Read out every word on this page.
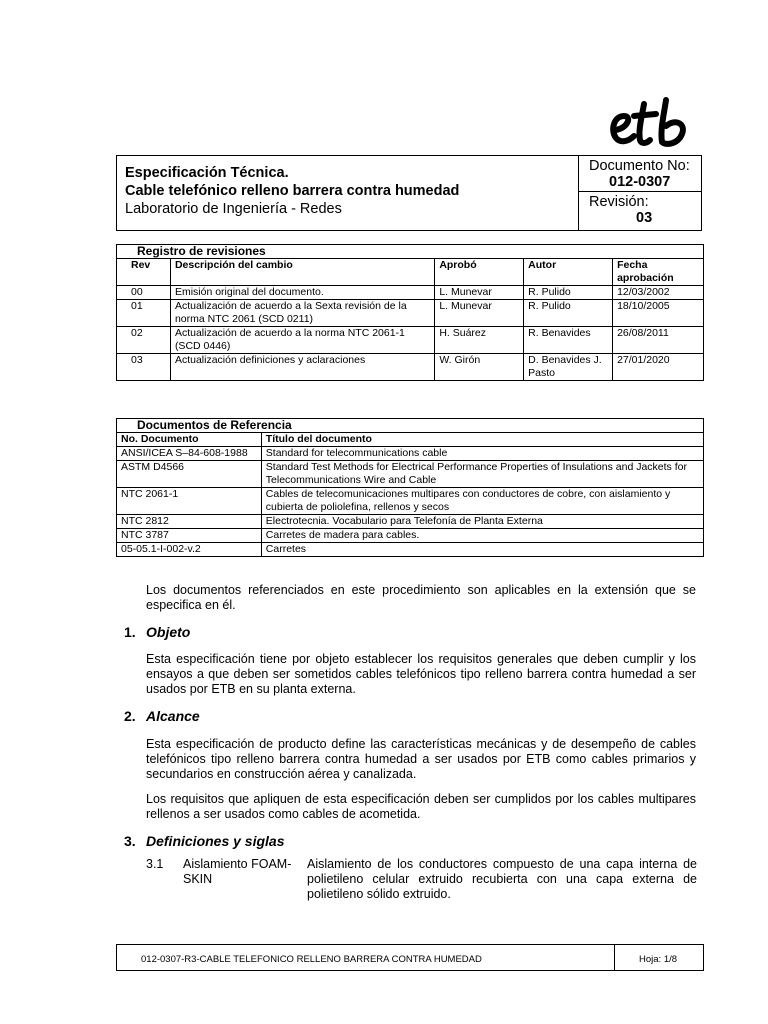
Especificación Técnica.
Cable telefónico relleno barrera contra humedad
Laboratorio de Ingeniería - Redes
Documento No:
012-0307
Revisión:
03
Registro de revisiones				
Rev	Descripción del cambio	Aprobó	Autor	Fecha aprobación
00	Emisión original del documento.	L. Munevar	R. Pulido	12/03/2002
01	Actualización de acuerdo a la Sexta revisión de la norma NTC 2061 (SCD 0211)	L. Munevar	R. Pulido	18/10/2005
02	Actualización de acuerdo a la norma NTC 2061-1 (SCD 0446)	H. Suárez	R. Benavides	26/08/2011
03	Actualización definiciones y aclaraciones	W. Girón	D. Benavides J. Pasto	27/01/2020
Documentos de Referencia	
No. Documento	Título del documento
ANSI/ICEA S–84-608-1988	Standard for telecommunications cable
ASTM D4566	Standard Test Methods for Electrical Performance Properties of Insulations and Jackets for Telecommunications Wire and Cable
NTC 2061-1	Cables de telecomunicaciones multipares con conductores de cobre, con aislamiento y cubierta de poliolefina, rellenos y secos
NTC 2812	Electrotecnia. Vocabulario para Telefonía de Planta Externa
NTC 3787	Carretes de madera para cables.
05-05.1-I-002-v.2	Carretes
Los documentos referenciados en este procedimiento son aplicables en la extensión que se especifica en él.
1. Objeto
Esta especificación tiene por objeto establecer los requisitos generales que deben cumplir y los ensayos a que deben ser sometidos cables telefónicos tipo relleno barrera contra humedad a ser usados por ETB en su planta externa.
2. Alcance
Esta especificación de producto define las características mecánicas y de desempeño de cables telefónicos tipo relleno barrera contra humedad a ser usados por ETB como cables primarios y secundarios en construcción aérea y canalizada.
Los requisitos que apliquen de esta especificación deben ser cumplidos por los cables multipares rellenos a ser usados como cables de acometida.
3. Definiciones y siglas
3.1 Aislamiento FOAM-SKIN
Aislamiento de los conductores compuesto de una capa interna de polietileno celular extruido recubierta con una capa externa de polietileno sólido extruido.
012-0307-R3-CABLE TELEFONICO RELLENO BARRERA CONTRA HUMEDAD	Hoja: 1/8
